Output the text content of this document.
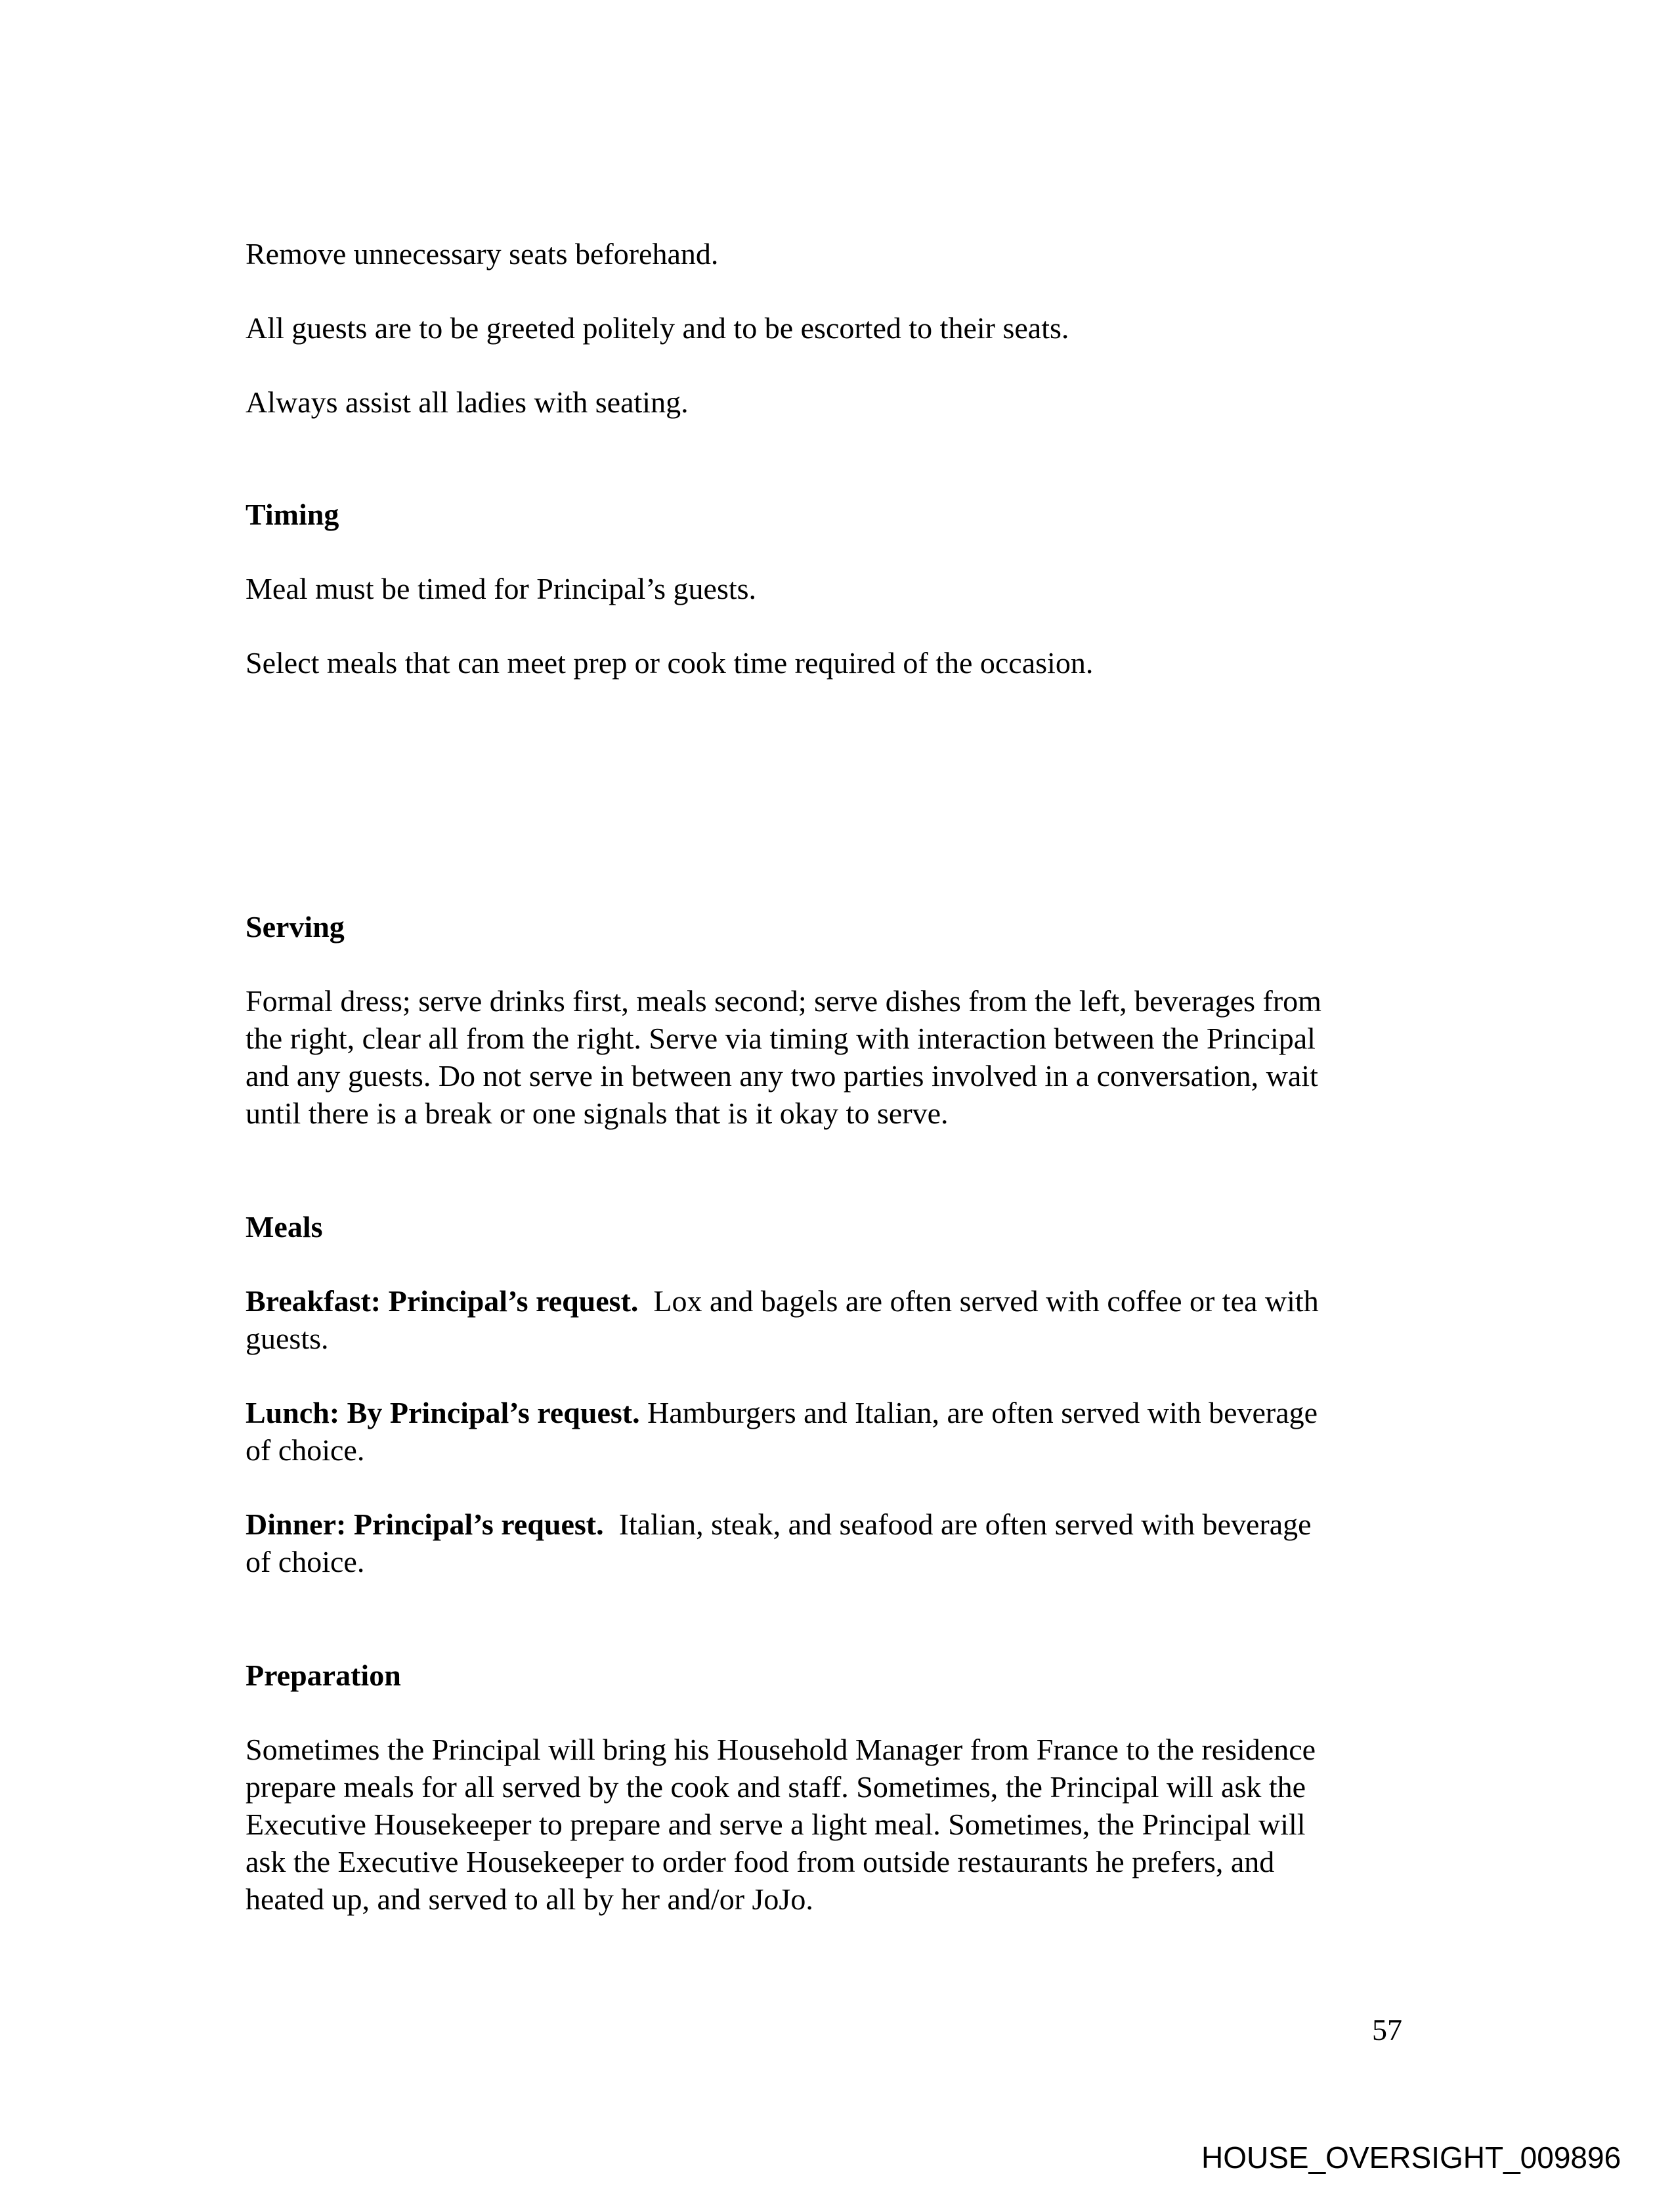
Remove unnecessary seats beforehand.

All guests are to be greeted politely and to be escorted to their seats.

Always assist all ladies with seating.

Timing

Meal must be timed for Principal’s guests.

Select meals that can meet prep or cook time required of the occasion.

Serving

Formal dress; serve drinks first, meals second; serve dishes from the left, beverages from

the right, clear all from the right. Serve via timing with interaction between the Principal

and any guests. Do not serve in between any two parties involved in a conversation, wait

until there is a break or one signals that is it okay to serve.

Meals

Breakfast: Principal’s request.  Lox and bagels are often served with coffee or tea with

guests.

Lunch: By Principal’s request. Hamburgers and Italian, are often served with beverage

of choice.

Dinner: Principal’s request.  Italian, steak, and seafood are often served with beverage

of choice.

Preparation

Sometimes the Principal will bring his Household Manager from France to the residence

prepare meals for all served by the cook and staff. Sometimes, the Principal will ask the

Executive Housekeeper to prepare and serve a light meal. Sometimes, the Principal will

ask the Executive Housekeeper to order food from outside restaurants he prefers, and

heated up, and served to all by her and/or JoJo.

57
HOUSE_OVERSIGHT_009896
